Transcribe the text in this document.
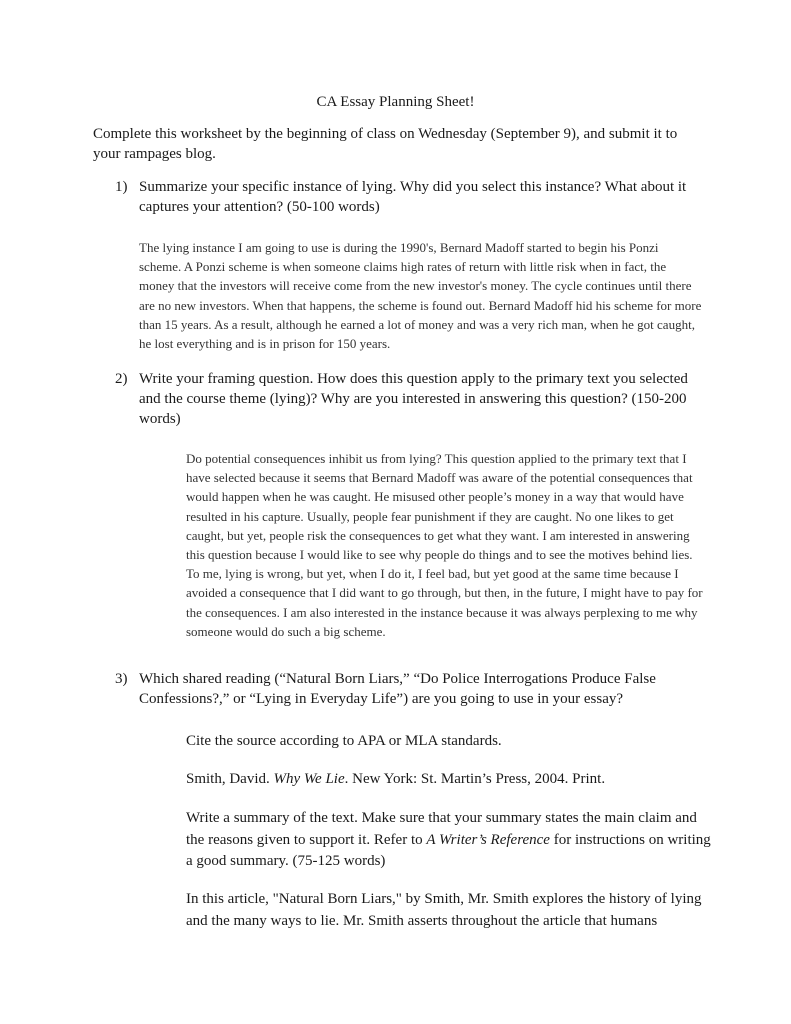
CA Essay Planning Sheet!
Complete this worksheet by the beginning of class on Wednesday (September 9), and submit it to your rampages blog.
1) Summarize your specific instance of lying. Why did you select this instance? What about it captures your attention? (50-100 words)
The lying instance I am going to use is during the 1990's, Bernard Madoff started to begin his Ponzi scheme. A Ponzi scheme is when someone claims high rates of return with little risk when in fact, the money that the investors will receive come from the new investor's money. The cycle continues until there are no new investors. When that happens, the scheme is found out. Bernard Madoff hid his scheme for more than 15 years. As a result, although he earned a lot of money and was a very rich man, when he got caught, he lost everything and is in prison for 150 years.
2) Write your framing question. How does this question apply to the primary text you selected and the course theme (lying)? Why are you interested in answering this question? (150-200 words)
Do potential consequences inhibit us from lying? This question applied to the primary text that I have selected because it seems that Bernard Madoff was aware of the potential consequences that would happen when he was caught. He misused other people’s money in a way that would have resulted in his capture. Usually, people fear punishment if they are caught. No one likes to get caught, but yet, people risk the consequences to get what they want. I am interested in answering this question because I would like to see why people do things and to see the motives behind lies. To me, lying is wrong, but yet, when I do it, I feel bad, but yet good at the same time because I avoided a consequence that I did want to go through, but then, in the future, I might have to pay for the consequences. I am also interested in the instance because it was always perplexing to me why someone would do such a big scheme.
3) Which shared reading (“Natural Born Liars,” “Do Police Interrogations Produce False Confessions?,” or “Lying in Everyday Life”) are you going to use in your essay?
Cite the source according to APA or MLA standards.
Smith, David. Why We Lie. New York: St. Martin’s Press, 2004. Print.
Write a summary of the text. Make sure that your summary states the main claim and the reasons given to support it. Refer to A Writer’s Reference for instructions on writing a good summary. (75-125 words)
In this article, "Natural Born Liars," by Smith, Mr. Smith explores the history of lying and the many ways to lie. Mr. Smith asserts throughout the article that humans
